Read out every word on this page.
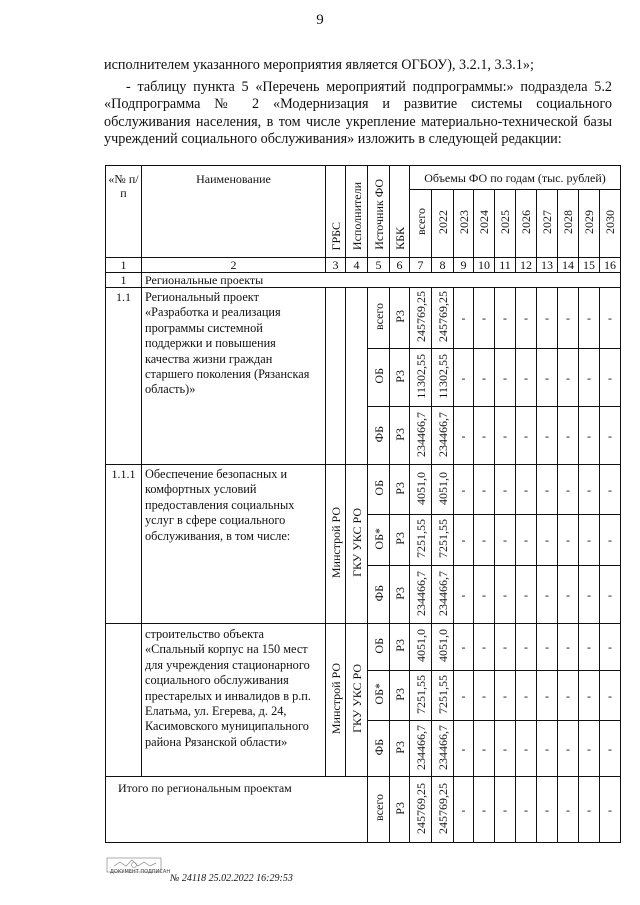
9
исполнителем указанного мероприятия является ОГБОУ), 3.2.1, 3.3.1»;
- таблицу пункта 5 «Перечень мероприятий подпрограммы:» подраздела 5.2 «Подпрограмма № 2 «Модернизация и развитие системы социального обслуживания населения, в том числе укрепление материально-технической базы учреждений социального обслуживания» изложить в следующей редакции:
«№ п/п	Наименование	ГРБС	Исполнители	Источник ФО	КБК	Объемы ФО по годам (тыс. рублей)									
						всего	2022	2023	2024	2025	2026	2027	2028	2029	2030
1	2	3	4	5	6	7	8	9	10	11	12	13	14	15	16
1	Региональные проекты														
1.1	Региональный проект «Разработка и реализация программы системной поддержки и повышения качества жизни граждан старшего поколения (Рязанская область)»			всего	Р3	245769,25	245769,25	-	-	-	-	-	-	-	-
				ОБ	Р3	11302,55	11302,55	-	-	-	-	-	-	-	-
				ФБ	Р3	234466,7	234466,7	-	-	-	-	-	-	-	-
1.1.1	Обеспечение безопасных и комфортных условий предоставления социальных услуг в сфере социального обслуживания, в том числе:	Минстрой РО	ГКУ УКС РО	ОБ	Р3	4051,0	4051,0	-	-	-	-	-	-	-	-
				ОБ*	Р3	7251,55	7251,55	-	-	-	-	-	-	-	-
				ФБ	Р3	234466,7	234466,7	-	-	-	-	-	-	-	-
	строительство объекта «Спальный корпус на 150 мест для учреждения стационарного социального обслуживания престарелых и инвалидов в р.п. Елатьма, ул. Егерева, д. 24, Касимовского муниципального района Рязанской области»	Минстрой РО	ГКУ УКС РО	ОБ	Р3	4051,0	4051,0	-	-	-	-	-	-	-	-
				ОБ*	Р3	7251,55	7251,55	-	-	-	-	-	-	-	-
				ФБ	Р3	234466,7	234466,7	-	-	-	-	-	-	-	-
Итого по региональным проектам				всего	Р3	245769,25	245769,25	-	-	-	-	-	-	-	-
ДОКУМЕНТ ПОДПИСАН
№ 24118 25.02.2022 16:29:53
